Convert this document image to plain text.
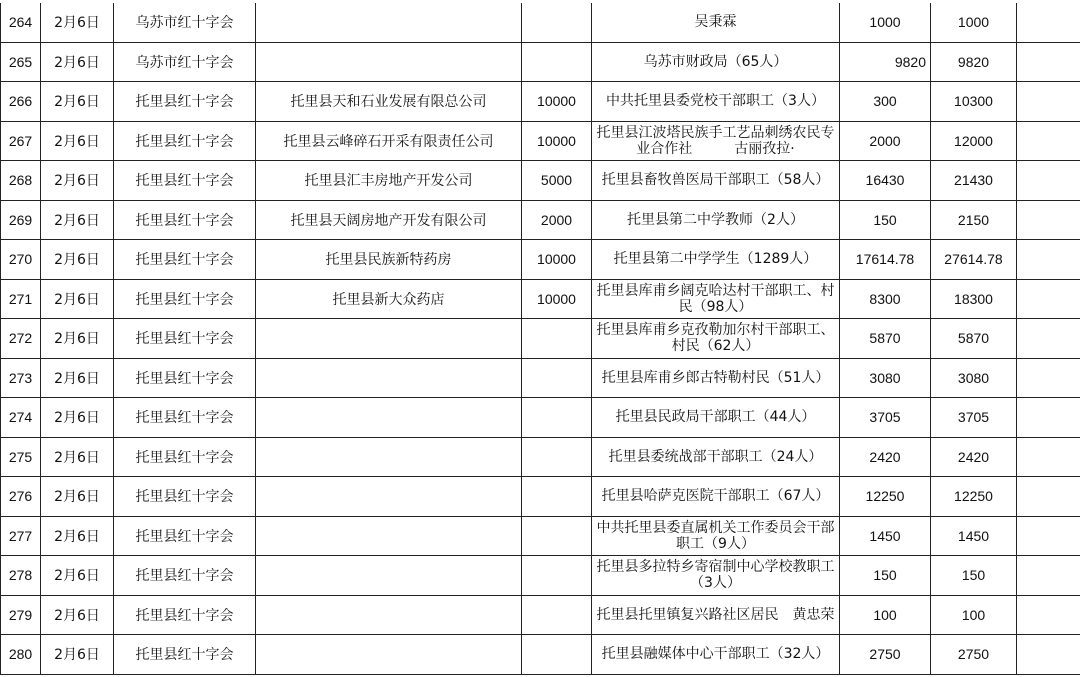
264	2月6日	乌苏市红十字会			吴秉霖	1000	1000	
265	2月6日	乌苏市红十字会			乌苏市财政局（65人）	9820	9820	
266	2月6日	托里县红十字会	托里县天和石业发展有限总公司	10000	中共托里县委党校干部职工（3人）	300	10300	
267	2月6日	托里县红十字会	托里县云峰碎石开采有限责任公司	10000	托里县江波塔民族手工艺品刺绣农民专业合作社　　　古丽孜拉·	2000	12000	
268	2月6日	托里县红十字会	托里县汇丰房地产开发公司	5000	托里县畜牧兽医局干部职工（58人）	16430	21430	
269	2月6日	托里县红十字会	托里县天阔房地产开发有限公司	2000	托里县第二中学教师（2人）	150	2150	
270	2月6日	托里县红十字会	托里县民族新特药房	10000	托里县第二中学学生（1289人）	17614.78	27614.78	
271	2月6日	托里县红十字会	托里县新大众药店	10000	托里县库甫乡阔克哈达村干部职工、村民（98人）	8300	18300	
272	2月6日	托里县红十字会			托里县库甫乡克孜勒加尔村干部职工、村民（62人）	5870	5870	
273	2月6日	托里县红十字会			托里县库甫乡郎古特勒村民（51人）	3080	3080	
274	2月6日	托里县红十字会			托里县民政局干部职工（44人）	3705	3705	
275	2月6日	托里县红十字会			托里县委统战部干部职工（24人）	2420	2420	
276	2月6日	托里县红十字会			托里县哈萨克医院干部职工（67人）	12250	12250	
277	2月6日	托里县红十字会			中共托里县委直属机关工作委员会干部职工（9人）	1450	1450	
278	2月6日	托里县红十字会			托里县多拉特乡寄宿制中心学校教职工（3人）	150	150	
279	2月6日	托里县红十字会			托里县托里镇复兴路社区居民　黄忠荣	100	100	
280	2月6日	托里县红十字会			托里县融媒体中心干部职工（32人）	2750	2750	
